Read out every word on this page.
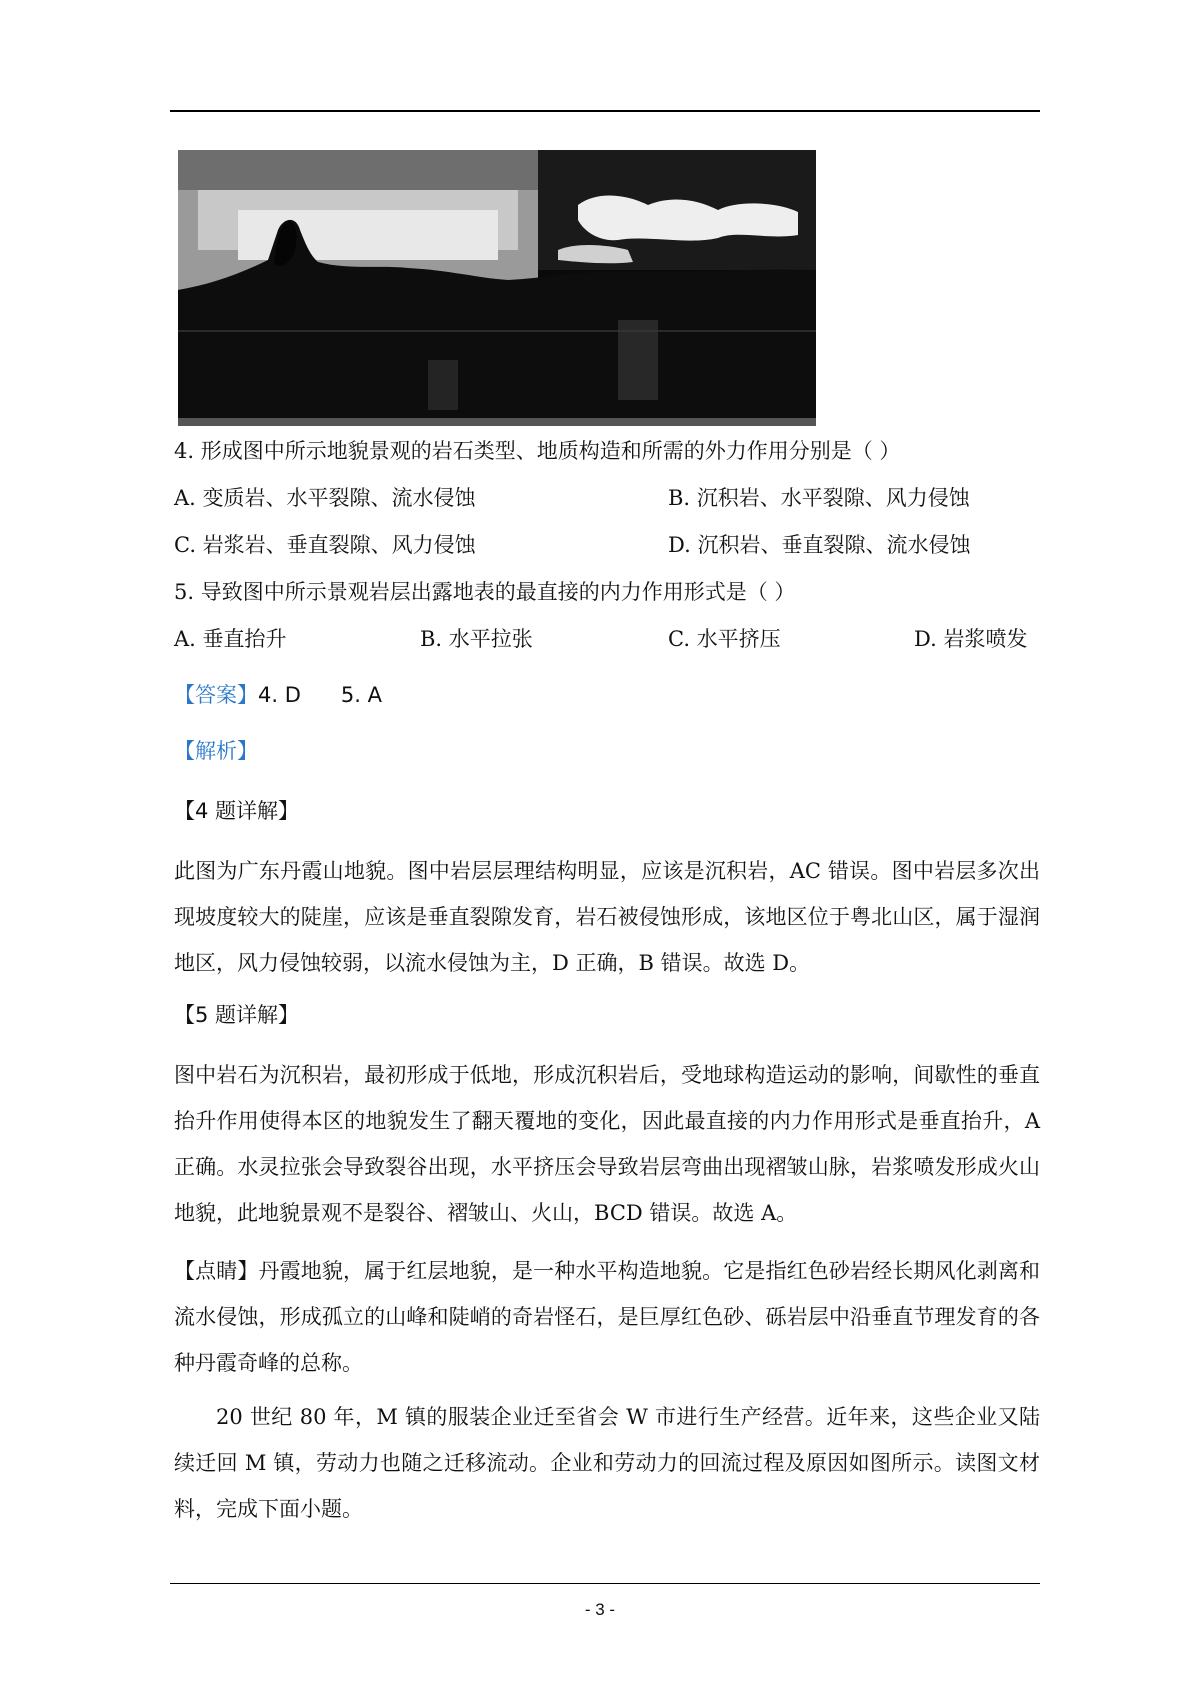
4. 形成图中所示地貌景观的岩石类型、地质构造和所需的外力作用分别是（ ）
A. 变质岩、水平裂隙、流水侵蚀	B. 沉积岩、水平裂隙、风力侵蚀
C. 岩浆岩、垂直裂隙、风力侵蚀	D. 沉积岩、垂直裂隙、流水侵蚀
5. 导致图中所示景观岩层出露地表的最直接的内力作用形式是（ ）
A. 垂直抬升	B. 水平拉张	C. 水平挤压	D. 岩浆喷发
【答案】4. D      5. A
【解析】
【4 题详解】
此图为广东丹霞山地貌。图中岩层层理结构明显，应该是沉积岩，AC 错误。图中岩层多次出现坡度较大的陡崖，应该是垂直裂隙发育，岩石被侵蚀形成，该地区位于粤北山区，属于湿润地区，风力侵蚀较弱，以流水侵蚀为主，D 正确，B 错误。故选 D。
【5 题详解】
图中岩石为沉积岩，最初形成于低地，形成沉积岩后，受地球构造运动的影响，间歇性的垂直抬升作用使得本区的地貌发生了翻天覆地的变化，因此最直接的内力作用形式是垂直抬升，A 正确。水灵拉张会导致裂谷出现，水平挤压会导致岩层弯曲出现褶皱山脉，岩浆喷发形成火山地貌，此地貌景观不是裂谷、褶皱山、火山，BCD 错误。故选 A。
【点睛】丹霞地貌，属于红层地貌，是一种水平构造地貌。它是指红色砂岩经长期风化剥离和流水侵蚀，形成孤立的山峰和陡峭的奇岩怪石，是巨厚红色砂、砾岩层中沿垂直节理发育的各种丹霞奇峰的总称。
20 世纪 80 年，M 镇的服装企业迁至省会 W 市进行生产经营。近年来，这些企业又陆续迁回 M 镇，劳动力也随之迁移流动。企业和劳动力的回流过程及原因如图所示。读图文材料，完成下面小题。
- 3 -
